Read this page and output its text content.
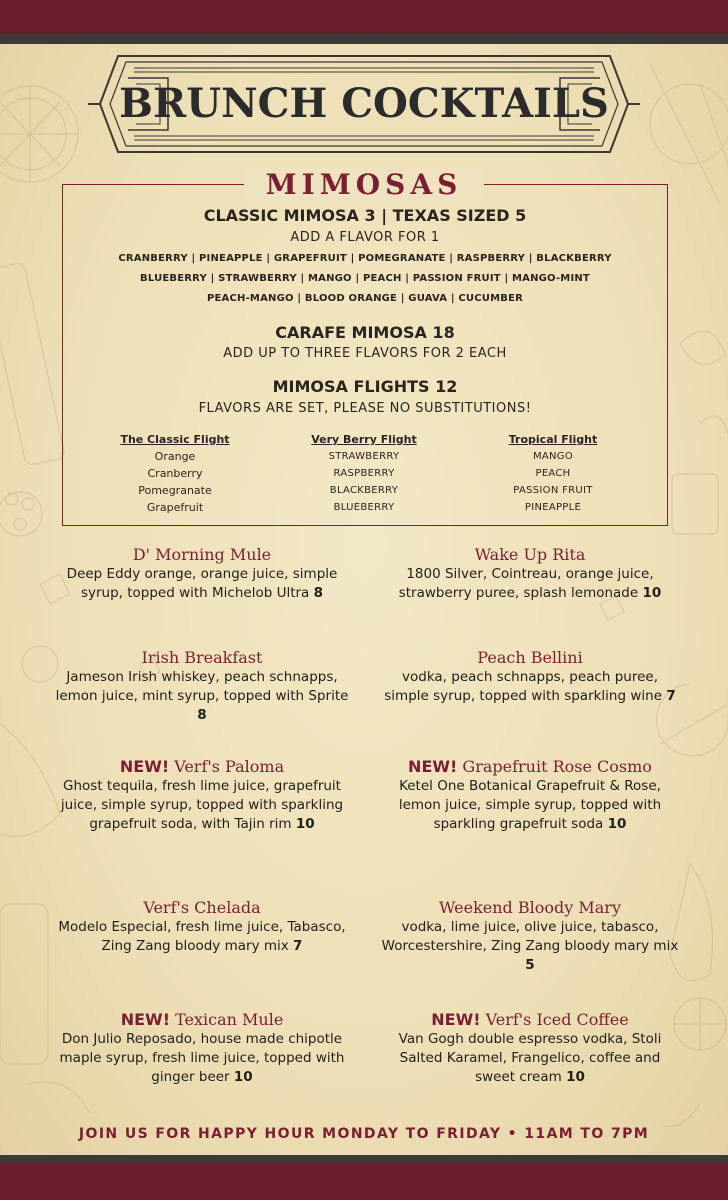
BRUNCH COCKTAILS
MIMOSAS
CLASSIC MIMOSA 3 | TEXAS SIZED 5
ADD A FLAVOR FOR 1
CRANBERRY | PINEAPPLE | GRAPEFRUIT | POMEGRANATE | RASPBERRY | BLACKBERRY
BLUEBERRY | STRAWBERRY | MANGO | PEACH | PASSION FRUIT | MANGO-MINT
PEACH-MANGO | BLOOD ORANGE | GUAVA | CUCUMBER
CARAFE MIMOSA 18
ADD UP TO THREE FLAVORS FOR 2 EACH
MIMOSA FLIGHTS 12
FLAVORS ARE SET, PLEASE NO SUBSTITUTIONS!
The Classic Flight
Orange
Cranberry
Pomegranate
Grapefruit
Very Berry Flight
STRAWBERRY
RASPBERRY
BLACKBERRY
BLUEBERRY
Tropical Flight
MANGO
PEACH
PASSION FRUIT
PINEAPPLE
D' Morning Mule
Deep Eddy orange, orange juice, simple syrup, topped with Michelob Ultra 8
Irish Breakfast
Jameson Irish whiskey, peach schnapps, lemon juice, mint syrup, topped with Sprite 8
NEW! Verf's Paloma
Ghost tequila, fresh lime juice, grapefruit juice, simple syrup, topped with sparkling grapefruit soda, with Tajin rim 10
Verf's Chelada
Modelo Especial, fresh lime juice, Tabasco, Zing Zang bloody mary mix 7
NEW! Texican Mule
Don Julio Reposado, house made chipotle maple syrup, fresh lime juice, topped with ginger beer 10
Wake Up Rita
1800 Silver, Cointreau, orange juice, strawberry puree, splash lemonade 10
Peach Bellini
vodka, peach schnapps, peach puree, simple syrup, topped with sparkling wine 7
NEW! Grapefruit Rose Cosmo
Ketel One Botanical Grapefruit & Rose, lemon juice, simple syrup, topped with sparkling grapefruit soda 10
Weekend Bloody Mary
vodka, lime juice, olive juice, tabasco, Worcestershire, Zing Zang bloody mary mix 5
NEW! Verf's Iced Coffee
Van Gogh double espresso vodka, Stoli Salted Karamel, Frangelico, coffee and sweet cream 10
JOIN US FOR HAPPY HOUR MONDAY TO FRIDAY • 11AM TO 7PM
